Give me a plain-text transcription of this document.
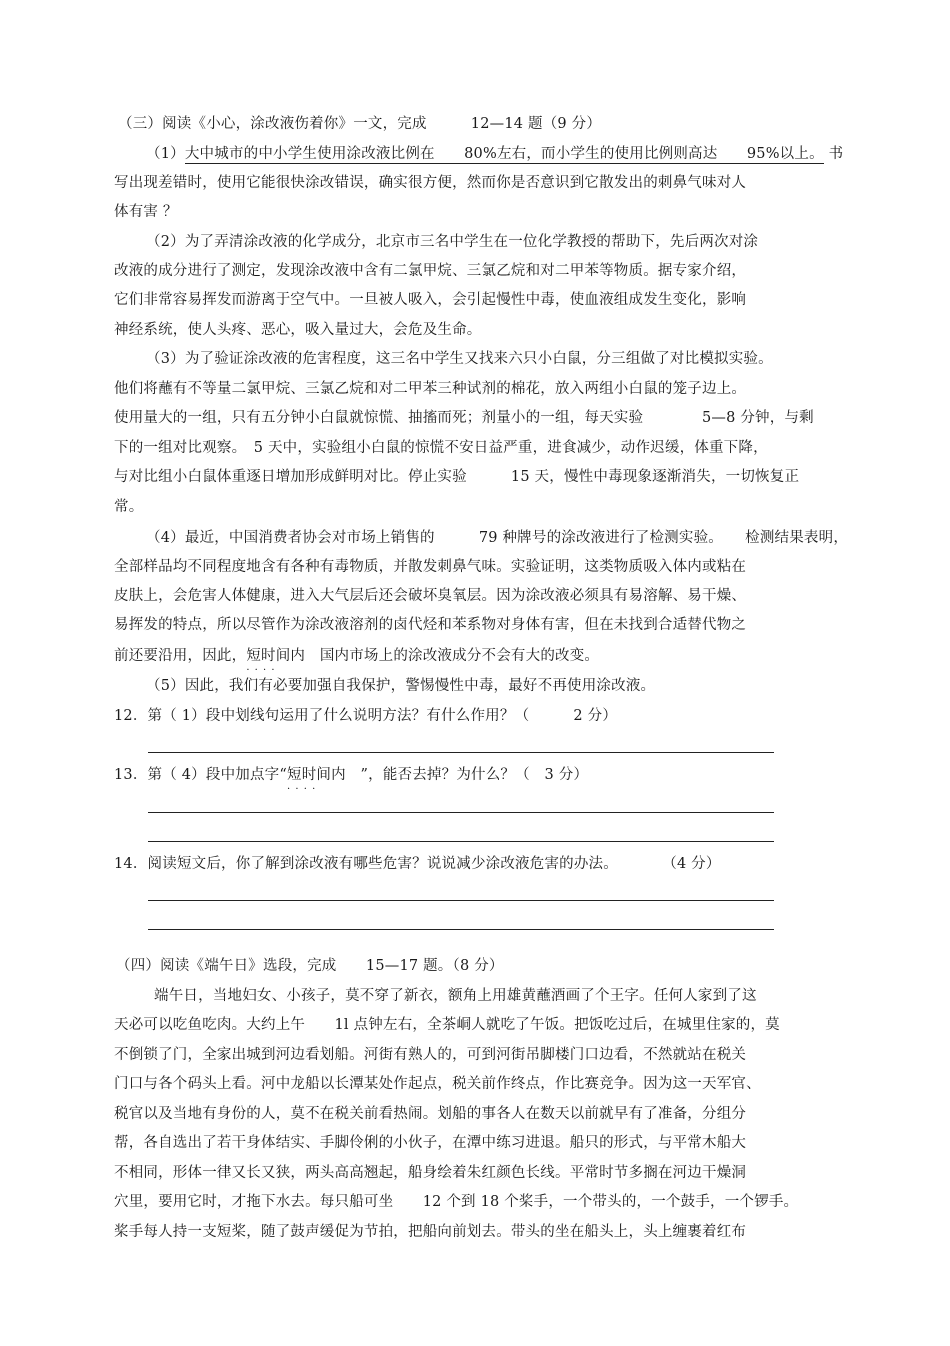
（三）阅读《小心，涂改液伤着你》一文，完成　　　12—14 题（9 分）
（1）大中城市的中小学生使用涂改液比例在　　80%左右，而小学生的使用比例则高达　　95%以上。 书
写出现差错时，使用它能很快涂改错误，确实很方便，然而你是否意识到它散发出的刺鼻气味对人
体有害 ？
（2）为了弄清涂改液的化学成分，北京市三名中学生在一位化学教授的帮助下，先后两次对涂
改液的成分进行了测定，发现涂改液中含有二氯甲烷、三氯乙烷和对二甲苯等物质。据专家介绍，
它们非常容易挥发而游离于空气中。一旦被人吸入，会引起慢性中毒，使血液组成发生变化，影响
神经系统，使人头疼、恶心，吸入量过大，会危及生命。
（3）为了验证涂改液的危害程度，这三名中学生又找来六只小白鼠，分三组做了对比模拟实验。
他们将蘸有不等量二氯甲烷、三氯乙烷和对二甲苯三种试剂的棉花，放入两组小白鼠的笼子边上。
使用量大的一组，只有五分钟小白鼠就惊慌、抽搐而死；剂量小的一组，每天实验　　　　5—8 分钟，与剩
下的一组对比观察。　5 天中，实验组小白鼠的惊慌不安日益严重，进食减少，动作迟缓，体重下降，
与对比组小白鼠体重逐日增加形成鲜明对比。停止实验　　　15 天，慢性中毒现象逐渐消失，一切恢复正
常。
（4）最近，中国消费者协会对市场上销售的　　　79 种牌号的涂改液进行了检测实验。　　检测结果表明，
全部样品均不同程度地含有各种有毒物质，并散发刺鼻气味。实验证明，这类物质吸入体内或粘在
皮肤上，会危害人体健康，进入大气层后还会破坏臭氧层。因为涂改液必须具有易溶解、易干燥、
易挥发的特点，所以尽管作为涂改液溶剂的卤代烃和苯系物对身体有害，但在未找到合适替代物之
前还要沿用，因此，短时间内 · · · ·　国内市场上的涂改液成分不会有大的改变。
（5）因此，我们有必要加强自我保护，警惕慢性中毒，最好不再使用涂改液。
12．第（ 1）段中划线句运用了什么说明方法？有什么作用？（　　　2 分）
13．第（ 4）段中加点字“短时间内 · · · ·　”，能否去掉？为什么？（　3 分）
14．阅读短文后，你了解到涂改液有哪些危害？说说减少涂改液危害的办法。　　　　（4 分）
（四）阅读《端午日》选段，完成　　15—17 题。（8 分）
端午日，当地妇女、小孩子，莫不穿了新衣，额角上用雄黄蘸酒画了个王字。任何人家到了这
天必可以吃鱼吃肉。大约上午　　1l 点钟左右，全茶峒人就吃了午饭。把饭吃过后，在城里住家的，莫
不倒锁了门，全家出城到河边看划船。河街有熟人的，可到河街吊脚楼门口边看，不然就站在税关
门口与各个码头上看。河中龙船以长潭某处作起点，税关前作终点，作比赛竞争。因为这一天军官、
税官以及当地有身份的人，莫不在税关前看热闹。划船的事各人在数天以前就早有了准备，分组分
帮，各自选出了若干身体结实、手脚伶俐的小伙子，在潭中练习进退。船只的形式，与平常木船大
不相同，形体一律又长又狭，两头高高翘起，船身绘着朱红颜色长线。平常时节多搁在河边干燥洞
穴里，要用它时，才拖下水去。每只船可坐　　12 个到 18 个桨手，一个带头的，一个鼓手，一个锣手。
桨手每人持一支短桨，随了鼓声缓促为节拍，把船向前划去。带头的坐在船头上，头上缠裹着红布
